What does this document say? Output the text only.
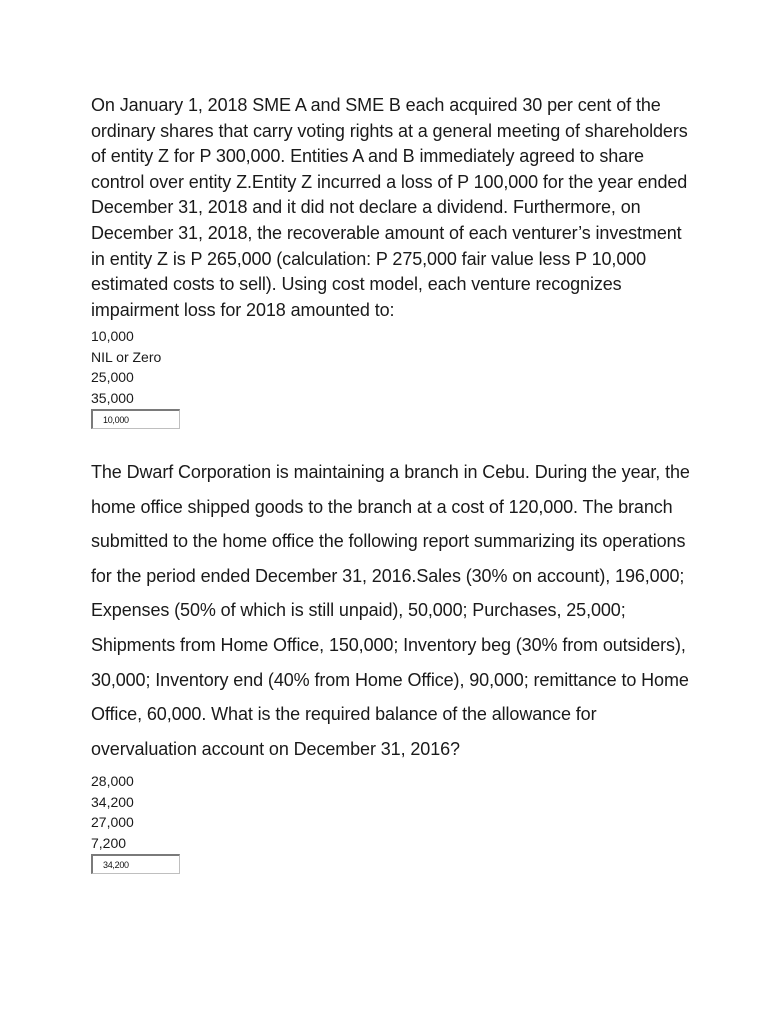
On January 1, 2018 SME A and SME B each acquired 30 per cent of the ordinary shares that carry voting rights at a general meeting of shareholders of entity Z for P 300,000. Entities A and B immediately agreed to share control over entity Z.Entity Z incurred a loss of P 100,000 for the year ended December 31, 2018 and it did not declare a dividend. Furthermore, on December 31, 2018, the recoverable amount of each venturer’s investment in entity Z is P 265,000 (calculation: P 275,000 fair value less P 10,000 estimated costs to sell). Using cost model, each venture recognizes impairment loss for 2018 amounted to:

10,000
NIL or Zero
25,000
35,000
10,000

The Dwarf Corporation is maintaining a branch in Cebu. During the year, the home office shipped goods to the branch at a cost of 120,000. The branch submitted to the home office the following report summarizing its operations for the period ended December 31, 2016.Sales (30% on account), 196,000; Expenses (50% of which is still unpaid), 50,000; Purchases, 25,000; Shipments from Home Office, 150,000; Inventory beg (30% from outsiders), 30,000; Inventory end (40% from Home Office), 90,000; remittance to Home Office, 60,000. What is the required balance of the allowance for overvaluation account on December 31, 2016?

28,000
34,200
27,000
7,200
34,200
